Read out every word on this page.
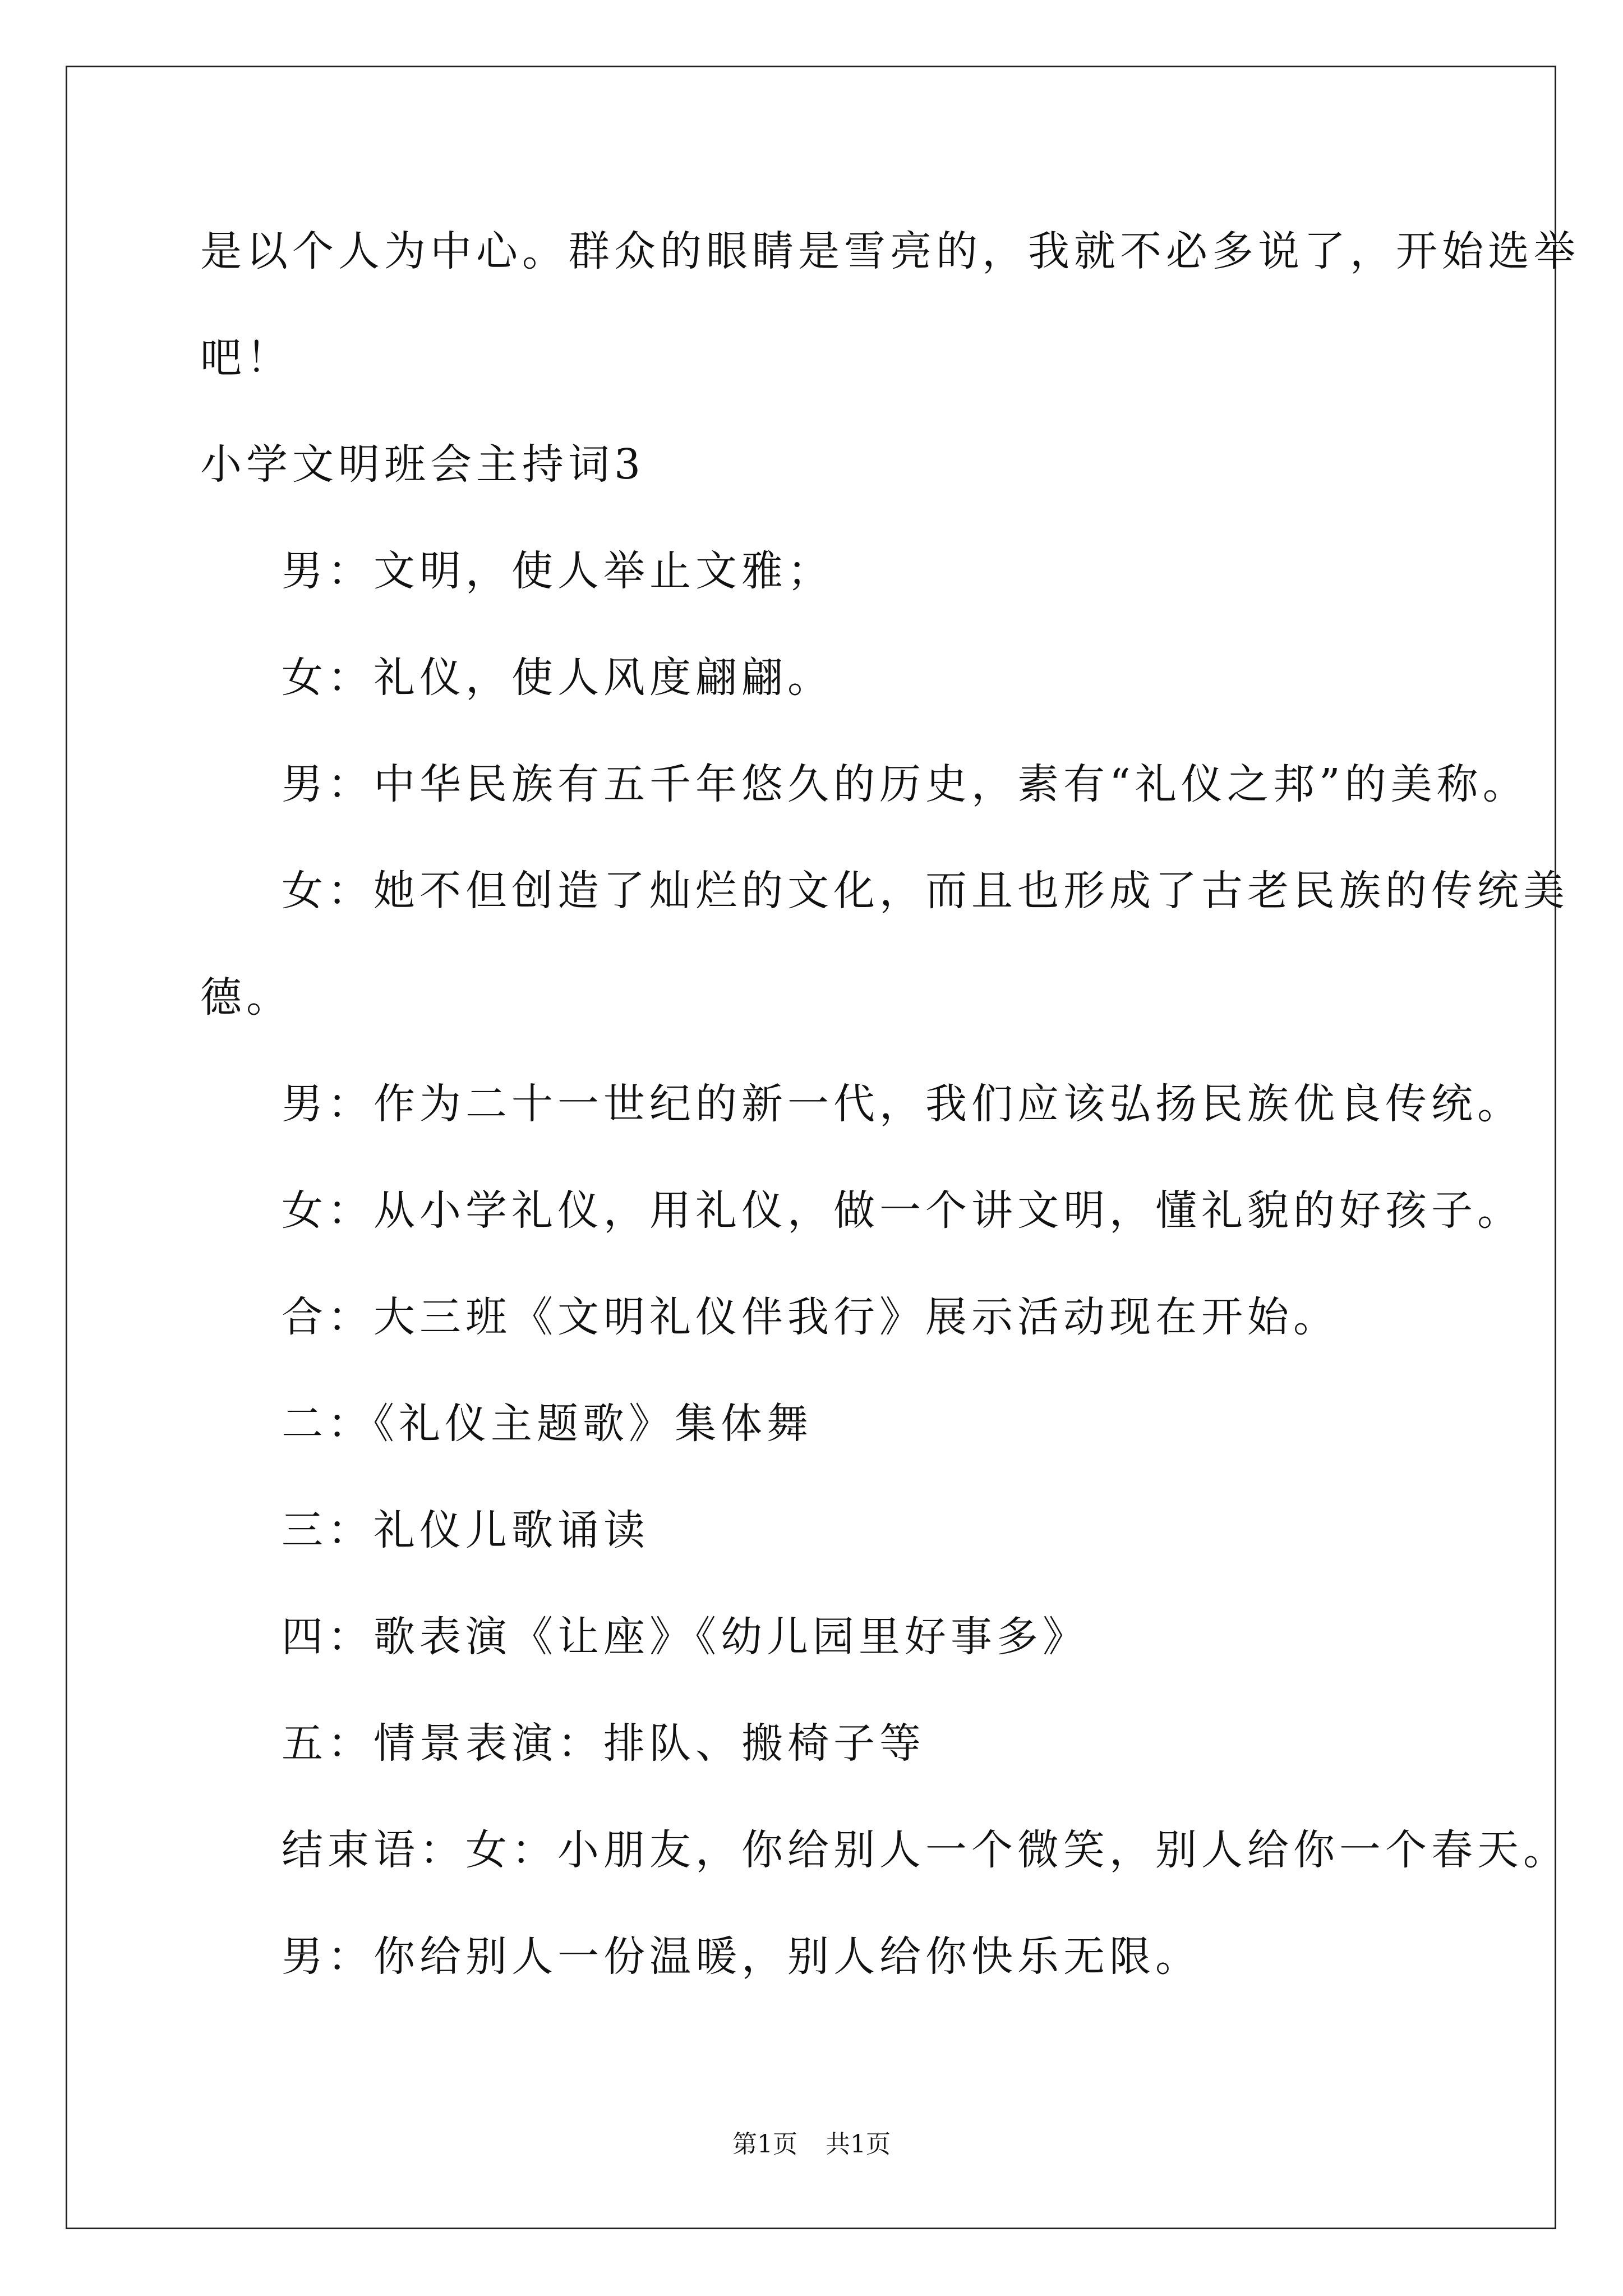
是以个人为中心。群众的眼睛是雪亮的，我就不必多说了，开始选举
吧！
小学文明班会主持词3
男：文明，使人举止文雅；
女：礼仪，使人风度翩翩。
男：中华民族有五千年悠久的历史，素有“礼仪之邦”的美称。
女：她不但创造了灿烂的文化，而且也形成了古老民族的传统美
德。
男：作为二十一世纪的新一代，我们应该弘扬民族优良传统。
女：从小学礼仪，用礼仪，做一个讲文明，懂礼貌的好孩子。
合：大三班《文明礼仪伴我行》展示活动现在开始。
二：《礼仪主题歌》集体舞
三：礼仪儿歌诵读
四：歌表演《让座》《幼儿园里好事多》
五：情景表演：排队、搬椅子等
结束语：女：小朋友，你给别人一个微笑，别人给你一个春天。
男：你给别人一份温暖，别人给你快乐无限。
第1页 共1页
